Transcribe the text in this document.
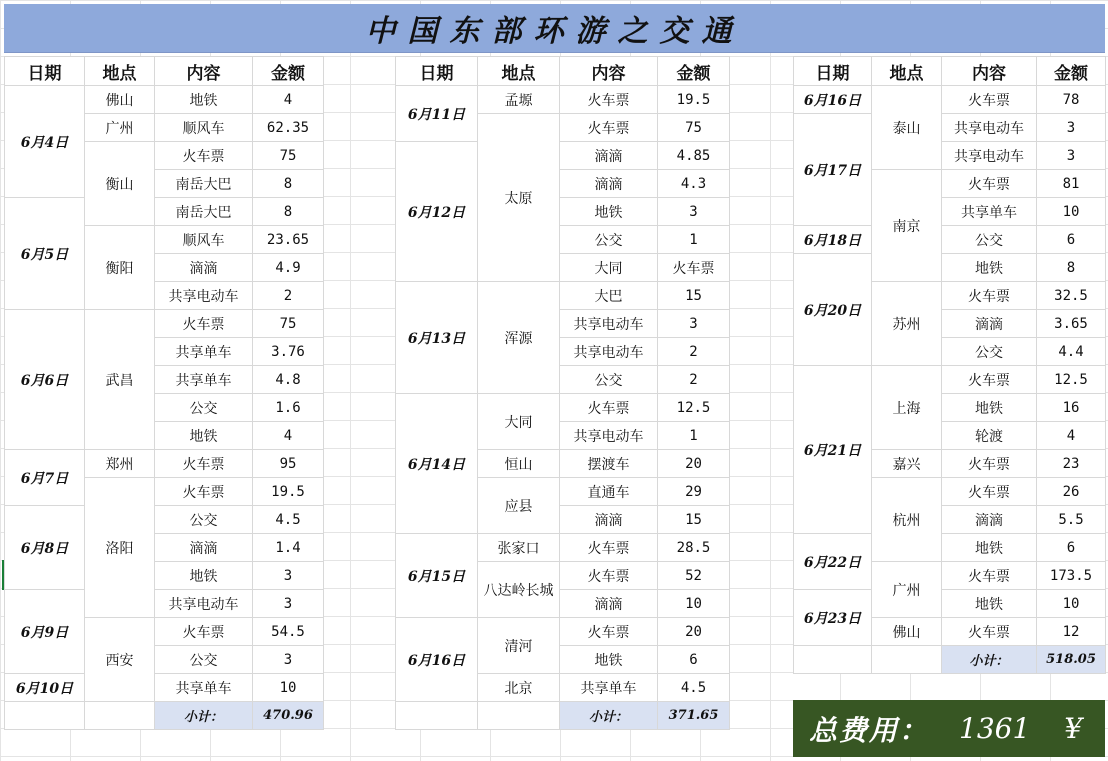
中国东部环游之交通
日期	地点	内容	金额
6月4日	佛山	地铁	4
	广州	顺风车	62.35
	衡山	火车票	75
		南岳大巴	8
6月5日		南岳大巴	8
	衡阳	顺风车	23.65
		滴滴	4.9
		共享电动车	2
6月6日	武昌	火车票	75
		共享单车	3.76
		共享单车	4.8
		公交	1.6
		地铁	4
6月7日	郑州	火车票	95
	洛阳	火车票	19.5
6月8日		公交	4.5
		滴滴	1.4
		地铁	3
6月9日		共享电动车	3
	西安	火车票	54.5
		公交	3
6月10日		共享单车	10
		小计：	470.96
日期	地点	内容	金额	
6月11日	孟塬	火车票	19.5	
	太原	火车票	75	
6月12日		滴滴	4.85	
		滴滴	4.3	
		地铁	3	
		公交	1	
		大同	火车票	
6月13日	浑源	大巴	15	
		共享电动车	3	
		共享电动车	2	
		公交	2	
6月14日	大同	火车票	12.5	
		共享电动车	1	
	恒山	摆渡车	20	
	应县	直通车	29	
		滴滴	15	
6月15日	张家口	火车票	28.5	
	八达岭长城	火车票	52	
		滴滴	10	
6月16日	清河	火车票	20	
		地铁	6	
	北京	共享单车	4.5	
		小计：	371.65	
日期	地点	内容	金额
6月16日	泰山	火车票	78
6月17日		共享电动车	3
		共享电动车	3
	南京	火车票	81
		共享单车	10
6月18日		公交	6
6月20日		地铁	8
	苏州	火车票	32.5
		滴滴	3.65
		公交	4.4
6月21日	上海	火车票	12.5
		地铁	16
		轮渡	4
	嘉兴	火车票	23
	杭州	火车票	26
		滴滴	5.5
6月22日		地铁	6
	广州	火车票	173.5
6月23日		地铁	10
	佛山	火车票	12
		小计：	518.05
总费用： 1361 ¥
